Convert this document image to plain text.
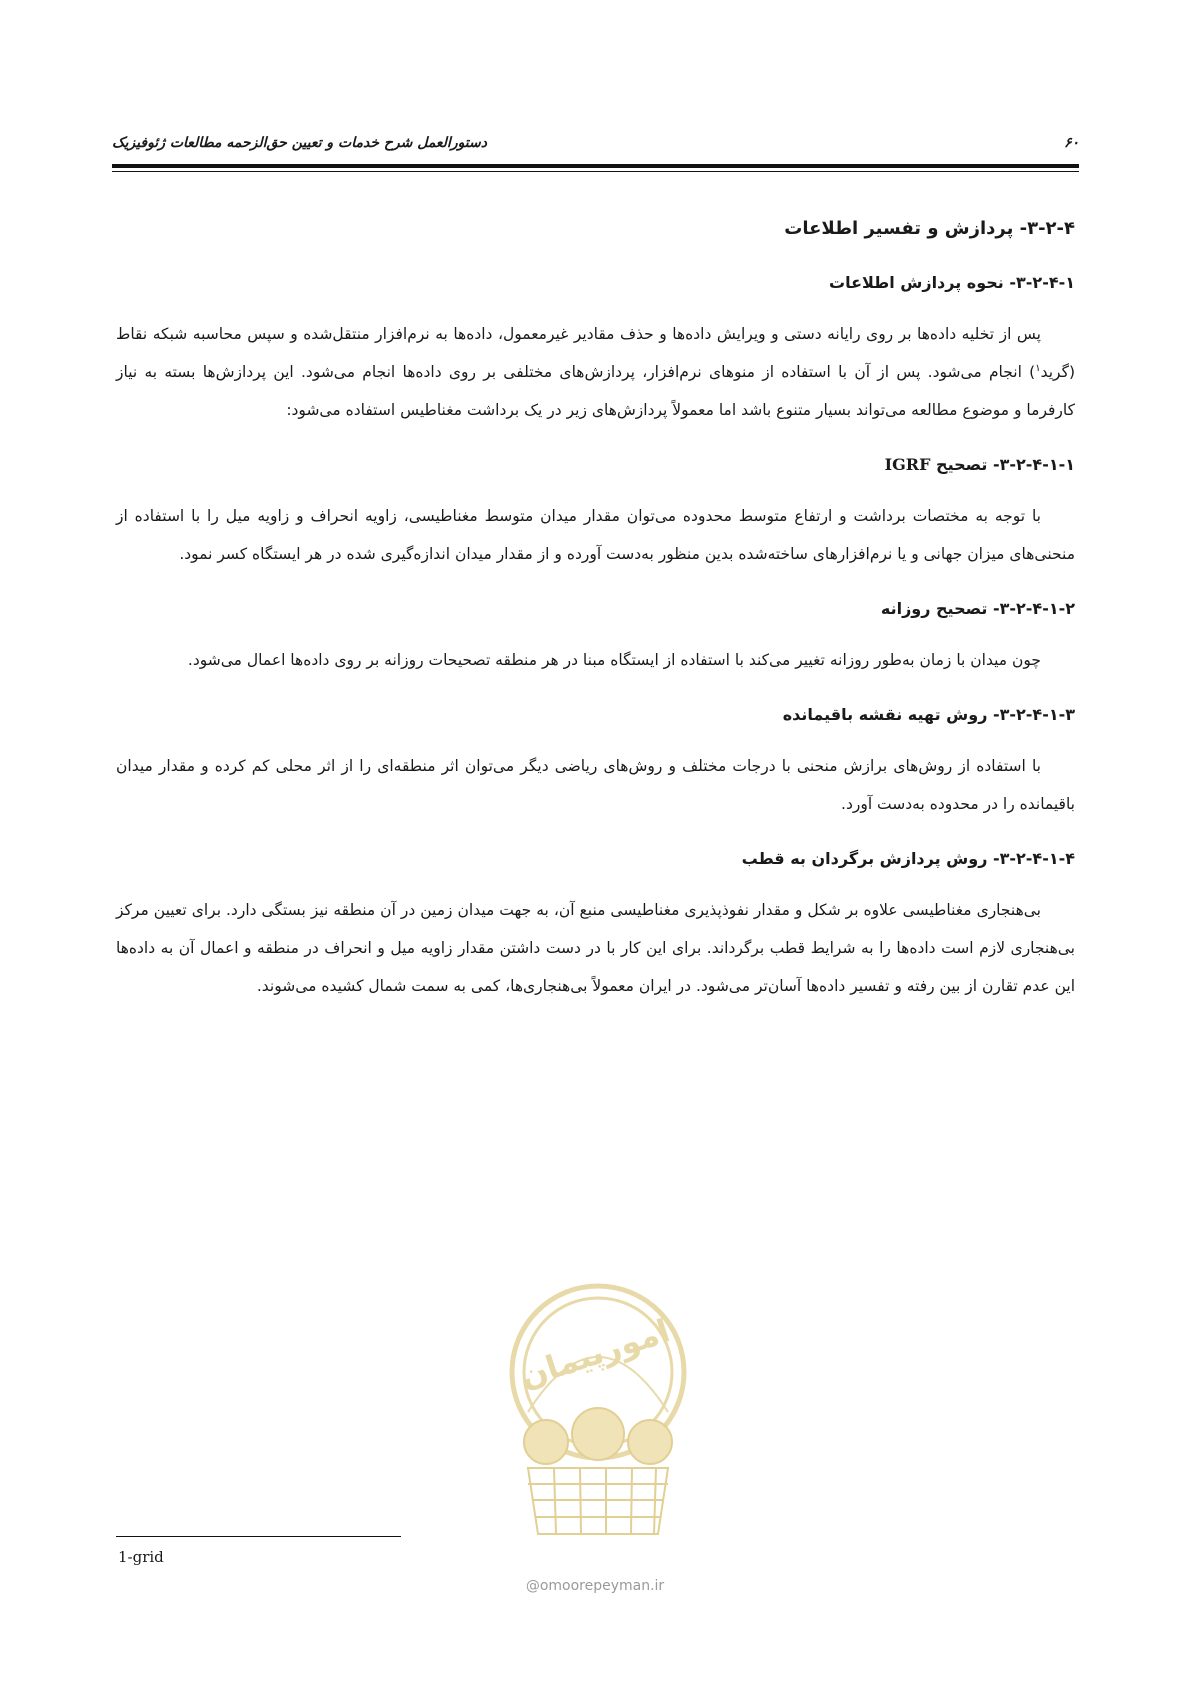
۶۰
دستورالعمل شرح خدمات و تعیین حق‌الزحمه مطالعات ژئوفیزیک
۳-۲-۴- پردازش و تفسیر اطلاعات
۳-۲-۴-۱- نحوه پردازش اطلاعات

پس از تخلیه داده‌ها بر روی رایانه دستی و ویرایش داده‌ها و حذف مقادیر غیرمعمول، داده‌ها به نرم‌افزار منتقل‌شده و سپس محاسبه شبکه نقاط (گرید$^۱$) انجام می‌شود. پس از آن با استفاده از منوهای نرم‌افزار، پردازش‌های مختلفی بر روی داده‌ها انجام می‌شود. این پردازش‌ها بسته به نیاز کارفرما و موضوع مطالعه می‌تواند بسیار متنوع باشد اما معمولاً پردازش‌های زیر در یک برداشت مغناطیس استفاده می‌شود:

۳-۲-۴-۱-۱- تصحیح IGRF

با توجه به مختصات برداشت و ارتفاع متوسط محدوده می‌توان مقدار میدان متوسط مغناطیسی، زاویه انحراف و زاویه میل را با استفاده از منحنی‌های میزان جهانی و یا نرم‌افزارهای ساخته‌شده بدین منظور به‌دست آورده و از مقدار میدان اندازه‌گیری شده در هر ایستگاه کسر نمود.

۳-۲-۴-۱-۲- تصحیح روزانه

چون میدان با زمان به‌طور روزانه تغییر می‌کند با استفاده از ایستگاه مبنا در هر منطقه تصحیحات روزانه بر روی داده‌ها اعمال می‌شود.

۳-۲-۴-۱-۳- روش تهیه نقشه باقیمانده

با استفاده از روش‌های برازش منحنی با درجات مختلف و روش‌های ریاضی دیگر می‌توان اثر منطقه‌ای را از اثر محلی کم کرده و مقدار میدان باقیمانده را در محدوده به‌دست آورد.

۳-۲-۴-۱-۴- روش پردازش برگردان به قطب

بی‌هنجاری مغناطیسی علاوه بر شکل و مقدار نفوذپذیری مغناطیسی منبع آن، به جهت میدان زمین در آن منطقه نیز بستگی دارد. برای تعیین مرکز بی‌هنجاری لازم است داده‌ها را به شرایط قطب برگرداند. برای این کار با در دست داشتن مقدار زاویه میل و انحراف در منطقه و اعمال آن به داده‌ها این عدم تقارن از بین رفته و تفسیر داده‌ها آسان‌تر می‌شود. در ایران معمولاً بی‌هنجاری‌ها، کمی به سمت شمال کشیده می‌شوند.

1-grid
امورپیمان
@omoorepeyman.ir
